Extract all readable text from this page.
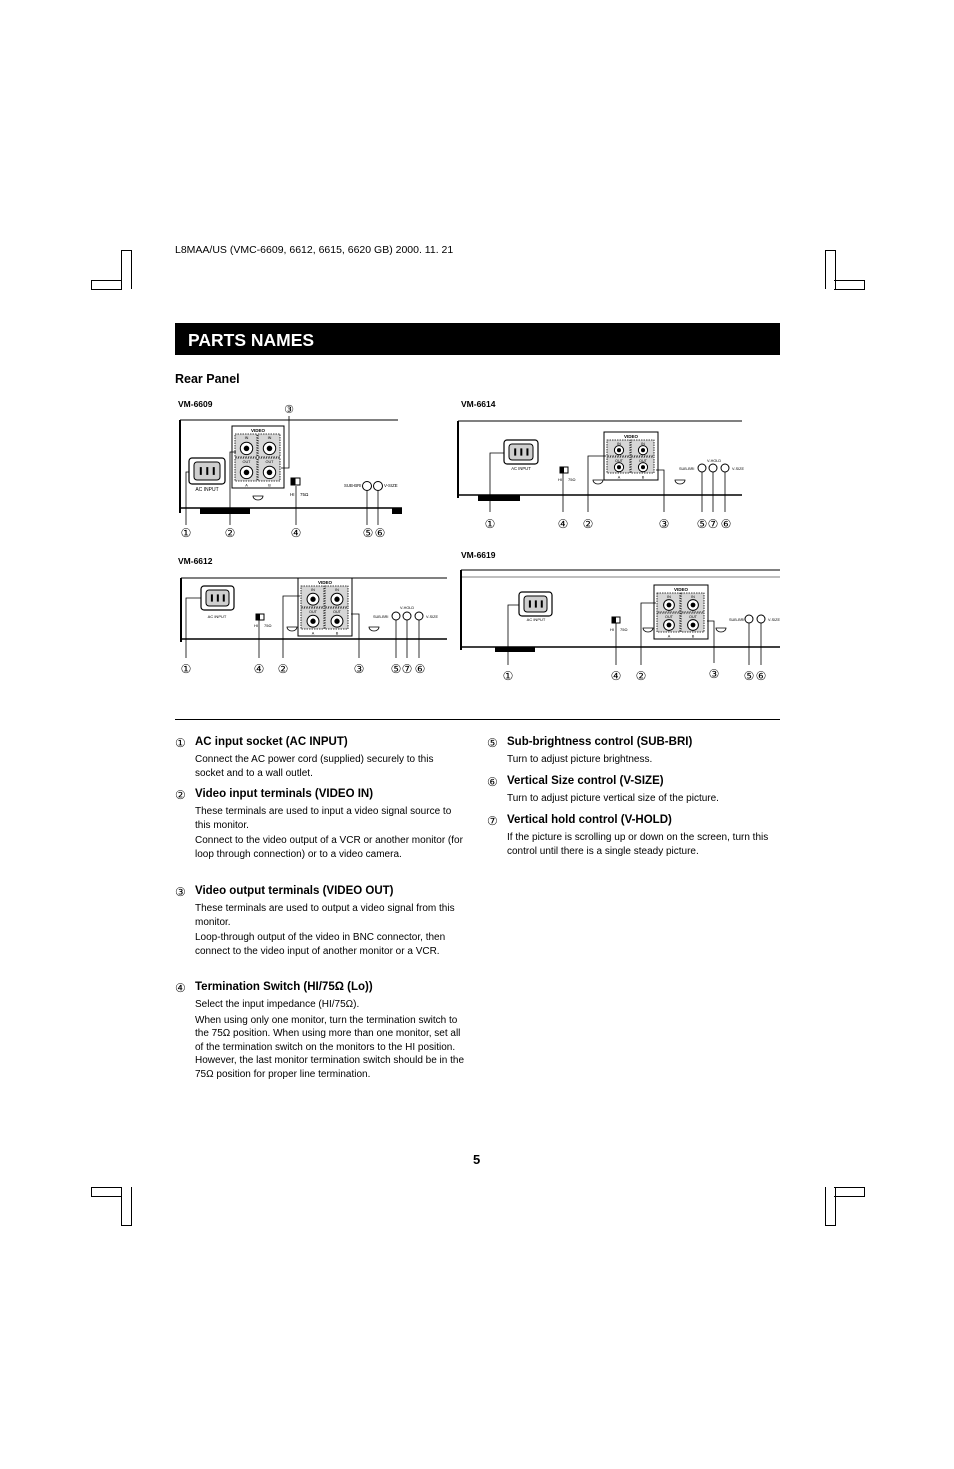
L8MAA/US (VMC-6609, 6612, 6615, 6620 GB) 2000. 11. 21
PARTS NAMES
Rear Panel
VM-6609	VM-6614
VM-6612
VM-6619
AC INPUT
VIDEO
IN	IN
OUT	OUT
A	B
HI 75Ω
SUB-BRI	V-SIZE
③
①	②	④	⑤ ⑥
AC INPUT
VIDEO
IN	IN
OUT	OUT
A	B
HI 75Ω
SUB-BRI
V-HOLD
V-SIZE
①	④ ②	③ ⑤ ⑦ ⑥
AC INPUT
VIDEO
IN	IN
OUT	OUT
A	B
HI 75Ω
SUB-BRI
V-HOLD
V-SIZE
①	④ ②	③ ⑤ ⑦ ⑥
AC INPUT
VIDEO
IN	IN
OUT	OUT
A	B
HI 75Ω
SUB-BRI	V-SIZE
①	④ ②	③ ⑤ ⑥
① AC input socket (AC INPUT)

Connect the AC power cord (supplied) securely to this socket and to a wall outlet.

② Video input terminals (VIDEO IN)

These terminals are used to input a video signal source to this monitor.

Connect to the video output of a VCR or another monitor (for loop through connection) or to a video camera.

③ Video output terminals (VIDEO OUT)

These terminals are used to output a video signal from this monitor.

Loop-through output of the video in BNC connector, then connect to the video input of another monitor or a VCR.

④ Termination Switch (HI/75Ω (Lo))

Select the input impedance (HI/75Ω).

When using only one monitor, turn the termination switch to the 75Ω position. When using more than one monitor, set all of the termination switch on the monitors to the HI position. However, the last monitor termination switch should be in the 75Ω position for proper line termination.

⑤ Sub-brightness control (SUB-BRI)

Turn to adjust picture brightness.

⑥ Vertical Size control (V-SIZE)

Turn to adjust picture vertical size of the picture.

⑦ Vertical hold control (V-HOLD)

If the picture is scrolling up or down on the screen, turn this control until there is a single steady picture.

5
